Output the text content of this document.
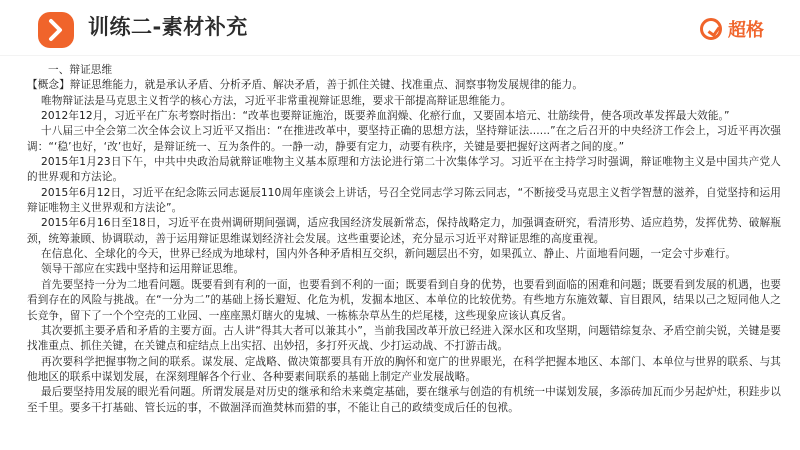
训练二-素材补充	超格

一、辩证思维

【概念】辩证思维能力，就是承认矛盾、分析矛盾、解决矛盾，善于抓住关键、找准重点、洞察事物发展规律的能力。

唯物辩证法是马克思主义哲学的核心方法，习近平非常重视辩证思维，要求干部提高辩证思维能力。

2012年12月，习近平在广东考察时指出：“改革也要辩证施治，既要养血润燥、化瘀行血，又要固本培元、壮筋续骨，使各项改革发挥最大效能。”

十八届三中全会第二次全体会议上习近平又指出：“在推进改革中，要坚持正确的思想方法，坚持辩证法......”在之后召开的中央经济工作会上，习近平再次强调：“‘稳’也好，‘改’也好，是辩证统一、互为条件的。一静一动，静要有定力，动要有秩序，关键是要把握好这两者之间的度。”

2015年1月23日下午，中共中央政治局就辩证唯物主义基本原理和方法论进行第二十次集体学习。习近平在主持学习时强调，辩证唯物主义是中国共产党人的世界观和方法论。

2015年6月12日，习近平在纪念陈云同志诞辰110周年座谈会上讲话，号召全党同志学习陈云同志，“不断接受马克思主义哲学智慧的滋养，自觉坚持和运用辩证唯物主义世界观和方法论”。

2015年6月16日至18日，习近平在贵州调研期间强调，适应我国经济发展新常态，保持战略定力，加强调查研究，看清形势、适应趋势，发挥优势、破解瓶颈，统筹兼顾、协调联动，善于运用辩证思维谋划经济社会发展。这些重要论述，充分显示习近平对辩证思维的高度重视。

在信息化、全球化的今天，世界已经成为地球村，国内外各种矛盾相互交织，新问题层出不穷，如果孤立、静止、片面地看问题，一定会寸步难行。

领导干部应在实践中坚持和运用辩证思维。

首先要坚持一分为二地看问题。既要看到有利的一面，也要看到不利的一面；既要看到自身的优势，也要看到面临的困难和问题；既要看到发展的机遇，也要看到存在的风险与挑战。在“一分为二”的基础上扬长避短、化危为机，发掘本地区、本单位的比较优势。有些地方东施效颦、盲目跟风，结果以己之短同他人之长竞争，留下了一个个空壳的工业园、一座座黑灯瞎火的鬼城、一栋栋杂草丛生的烂尾楼，这些现象应该认真反省。

其次要抓主要矛盾和矛盾的主要方面。古人讲“得其大者可以兼其小”，当前我国改革开放已经进入深水区和攻坚期，问题错综复杂、矛盾空前尖锐，关键是要找准重点、抓住关键，在关键点和症结点上出实招、出妙招，多打歼灭战、少打运动战、不打游击战。

再次要科学把握事物之间的联系。谋发展、定战略、做决策都要具有开放的胸怀和宽广的世界眼光，在科学把握本地区、本部门、本单位与世界的联系、与其他地区的联系中谋划发展，在深刻理解各个行业、各种要素间联系的基础上制定产业发展战略。

最后要坚持用发展的眼光看问题。所谓发展是对历史的继承和给未来奠定基础，要在继承与创造的有机统一中谋划发展，多添砖加瓦而少另起炉灶，积跬步以至千里。要多干打基础、管长远的事，不做涸泽而渔焚林而猎的事，不能让自己的政绩变成后任的包袱。
